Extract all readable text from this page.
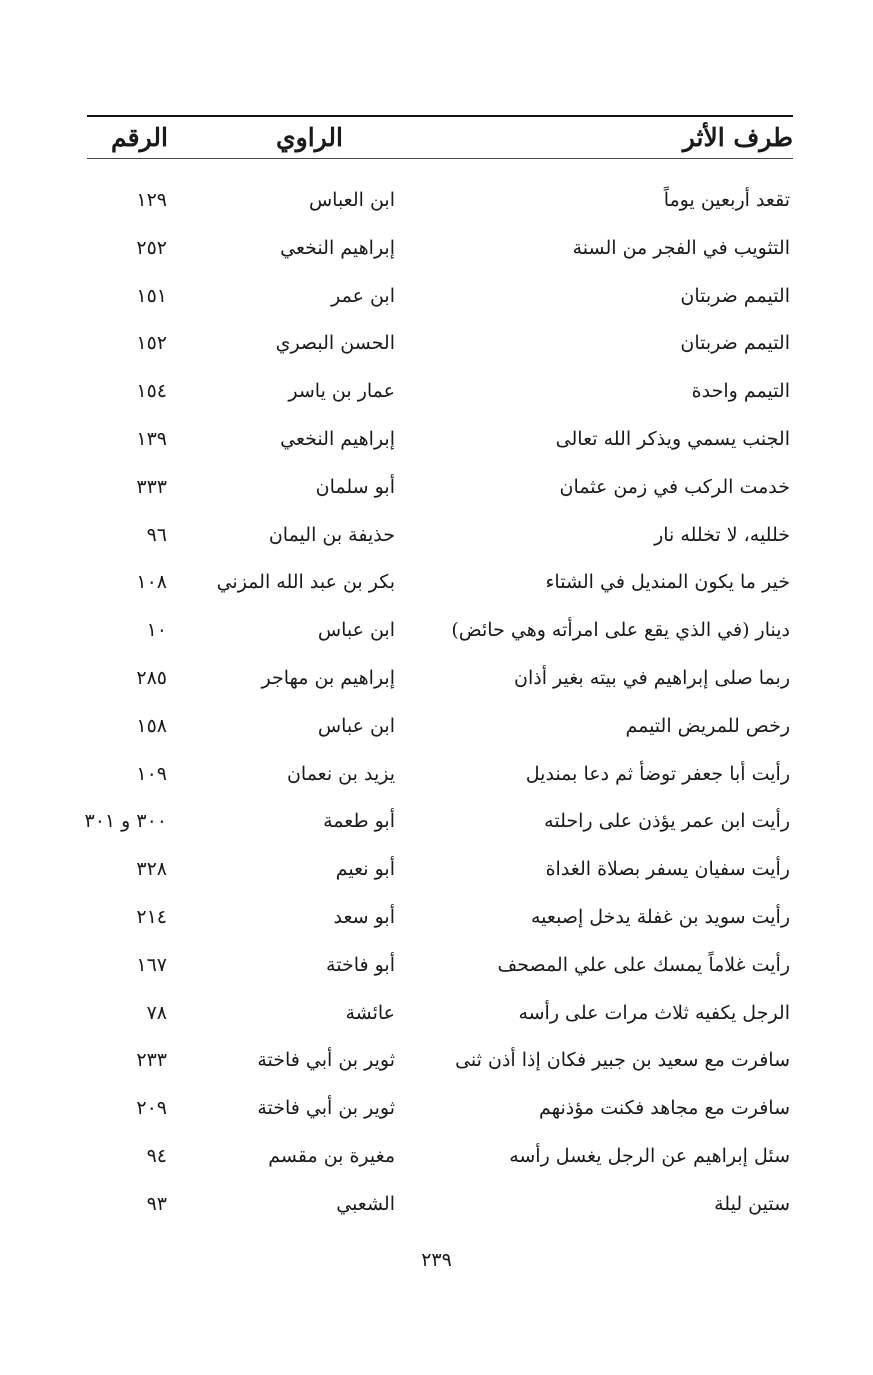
طرف الأثر
الراوي
الرقم
تقعد أربعين يوماً
ابن العباس
١٢٩
التثويب في الفجر من السنة
إبراهيم النخعي
٢٥٢
التيمم ضربتان
ابن عمر
١٥١
التيمم ضربتان
الحسن البصري
١٥٢
التيمم واحدة
عمار بن ياسر
١٥٤
الجنب يسمي ويذكر الله تعالى
إبراهيم النخعي
١٣٩
خدمت الركب في زمن عثمان
أبو سلمان
٣٣٣
خلليه، لا تخلله نار
حذيفة بن اليمان
٩٦
خير ما يكون المنديل في الشتاء
بكر بن عبد الله المزني
١٠٨
دينار (في الذي يقع على امرأته وهي حائض)
ابن عباس
١٠
ربما صلى إبراهيم في بيته بغير أذان
إبراهيم بن مهاجر
٢٨٥
رخص للمريض التيمم
ابن عباس
١٥٨
رأيت أبا جعفر توضأ ثم دعا بمنديل
يزيد بن نعمان
١٠٩
رأيت ابن عمر يؤذن على راحلته
أبو طعمة
٣٠٠ و ٣٠١
رأيت سفيان يسفر بصلاة الغداة
أبو نعيم
٣٢٨
رأيت سويد بن غفلة يدخل إصبعيه
أبو سعد
٢١٤
رأيت غلاماً يمسك على علي المصحف
أبو فاختة
١٦٧
الرجل يكفيه ثلاث مرات على رأسه
عائشة
٧٨
سافرت مع سعيد بن جبير فكان إذا أذن ثنى
ثوير بن أبي فاختة
٢٣٣
سافرت مع مجاهد فكنت مؤذنهم
ثوير بن أبي فاختة
٢٠٩
سئل إبراهيم عن الرجل يغسل رأسه
مغيرة بن مقسم
٩٤
ستين ليلة
الشعبي
٩٣
٢٣٩
